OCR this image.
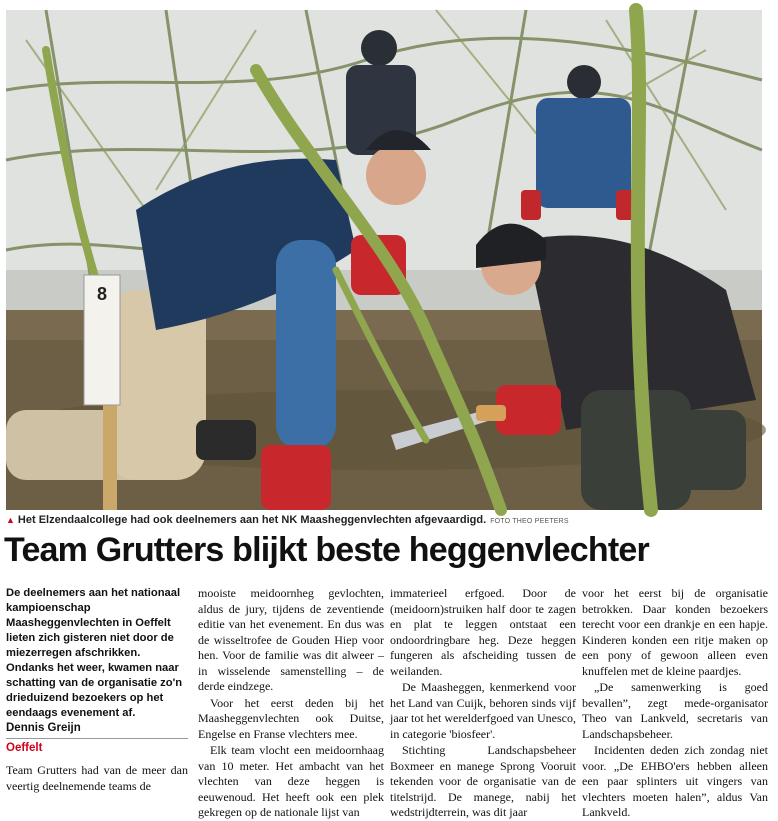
8
▲ Het Elzendaalcollege had ook deelnemers aan het NK Maasheggenvlechten afgevaardigd. FOTO THEO PEETERS
Team Grutters blijkt beste heggenvlechter
De deelnemers aan het nationaal kampioenschap Maasheggenvlechten in Oeffelt lieten zich gisteren niet door de miezerregen afschrikken. Ondanks het weer, kwamen naar schatting van de organisatie zo'n drieduizend bezoekers op het eendaags evenement af.
Dennis Greijn
Oeffelt
Team Grutters had van de meer dan veertig deelnemende teams de

mooiste meidoornheg gevlochten, aldus de jury, tijdens de zeventiende editie van het evenement. En dus was de wisseltrofee de Gouden Hiep voor hen. Voor de familie was dit alweer – in wisselende samenstelling – de derde eindzege.

Voor het eerst deden bij het Maasheggenvlechten ook Duitse, Engelse en Franse vlechters mee.

Elk team vlocht een meidoornhaag van 10 meter. Het ambacht van het vlechten van deze heggen is eeuwenoud. Het heeft ook een plek gekregen op de nationale lijst van

immaterieel erfgoed. Door de (meidoorn)struiken half door te zagen en plat te leggen ontstaat een ondoordringbare heg. Deze heggen fungeren als afscheiding tussen de weilanden.

De Maasheggen, kenmerkend voor het Land van Cuijk, behoren sinds vijf jaar tot het werelderfgoed van Unesco, in categorie 'biosfeer'.

Stichting Landschapsbeheer Boxmeer en manege Sprong Vooruit tekenden voor de organisatie van de titelstrijd. De manege, nabij het wedstrijdterrein, was dit jaar

voor het eerst bij de organisatie betrokken. Daar konden bezoekers terecht voor een drankje en een hapje. Kinderen konden een ritje maken op een pony of gewoon alleen even knuffelen met de kleine paardjes.

„De samenwerking is goed bevallen”, zegt mede-organisator Theo van Lankveld, secretaris van Landschapsbeheer.

Incidenten deden zich zondag niet voor. „De EHBO'ers hebben alleen een paar splinters uit vingers van vlechters moeten halen”, aldus Van Lankveld.
